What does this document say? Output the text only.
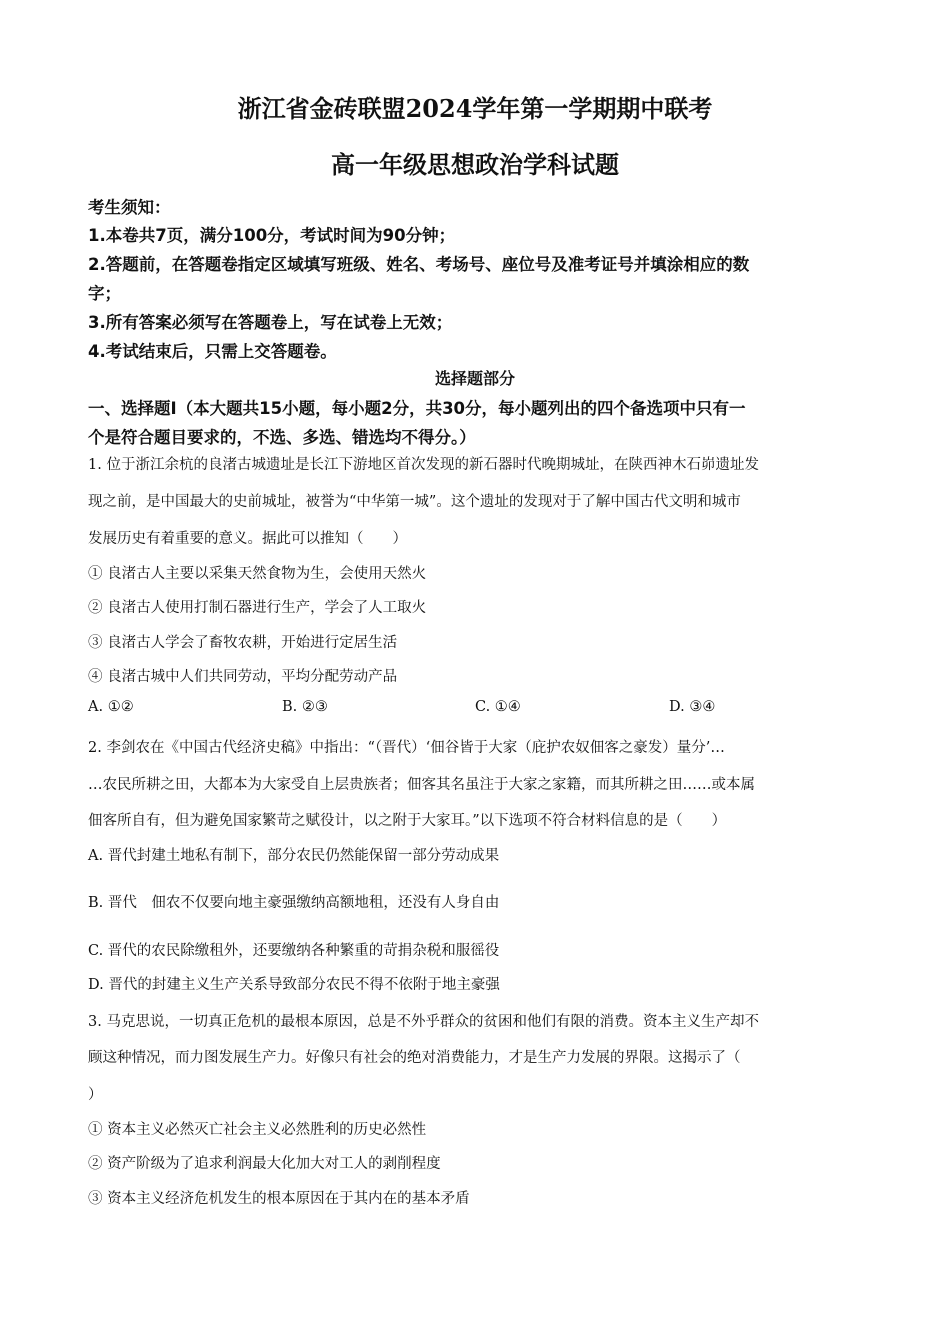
浙江省金砖联盟2024学年第一学期期中联考
高一年级思想政治学科试题
考生须知：
1.本卷共7页，满分100分，考试时间为90分钟；
2.答题前，在答题卷指定区域填写班级、姓名、考场号、座位号及准考证号并填涂相应的数
字；
3.所有答案必须写在答题卷上，写在试卷上无效；
4.考试结束后，只需上交答题卷。
选择题部分
一、选择题Ⅰ（本大题共15小题，每小题2分，共30分，每小题列出的四个备选项中只有一
个是符合题目要求的，不选、多选、错选均不得分。）
1. 位于浙江余杭的良渚古城遗址是长江下游地区首次发现的新石器时代晚期城址，在陕西神木石峁遗址发
现之前，是中国最大的史前城址，被誉为“中华第一城”。这个遗址的发现对于了解中国古代文明和城市
发展历史有着重要的意义。据此可以推知（　　）
① 良渚古人主要以采集天然食物为生，会使用天然火
② 良渚古人使用打制石器进行生产，学会了人工取火
③ 良渚古人学会了畜牧农耕，开始进行定居生活
④ 良渚古城中人们共同劳动，平均分配劳动产品
A. ①②	B. ②③	C. ①④	D. ③④
2. 李剑农在《中国古代经济史稿》中指出：“（晋代）‘佃谷皆于大家（庇护农奴佃客之豪发）量分’…
…农民所耕之田，大都本为大家受自上层贵族者；佃客其名虽注于大家之家籍，而其所耕之田……或本属
佃客所自有，但为避免国家繁苛之赋役计，以之附于大家耳。”以下选项不符合材料信息的是（　　）
A. 晋代封建土地私有制下，部分农民仍然能保留一部分劳动成果
B. 晋代　佃农不仅要向地主豪强缴纳高额地租，还没有人身自由
C. 晋代的农民除缴租外，还要缴纳各种繁重的苛捐杂税和服徭役
D. 晋代的封建主义生产关系导致部分农民不得不依附于地主豪强
3. 马克思说，一切真正危机的最根本原因，总是不外乎群众的贫困和他们有限的消费。资本主义生产却不
顾这种情况，而力图发展生产力。好像只有社会的绝对消费能力，才是生产力发展的界限。这揭示了（
）
① 资本主义必然灭亡社会主义必然胜利的历史必然性
② 资产阶级为了追求利润最大化加大对工人的剥削程度
③ 资本主义经济危机发生的根本原因在于其内在的基本矛盾
